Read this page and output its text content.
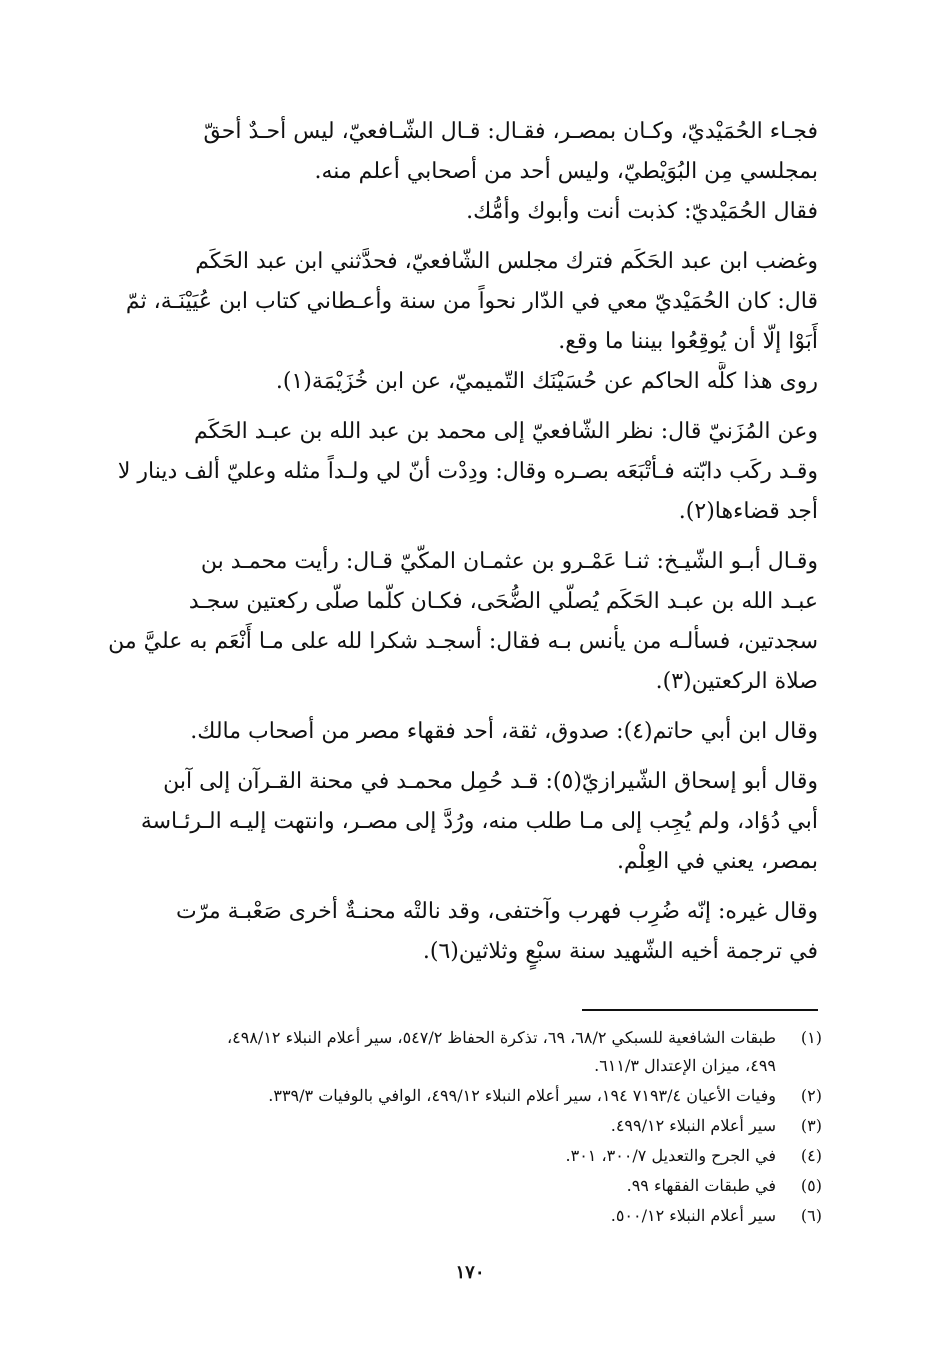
فجـاء الحُمَيْديّ، وكـان بمصـر، فقـال: قـال الشّـافعيّ، ليس أحـدٌ أحقّ
بمجلسي مِن البُوَيْطيّ، وليس أحد من أصحابي أعلم منه.
فقال الحُمَيْديّ: كذبت أنت وأبوك وأمُّك.

وغضب ابن عبد الحَكَم فترك مجلس الشّافعيّ، فحدَّثني ابن عبد الحَكَم
قال: كان الحُمَيْديّ معي في الدّار نحواً من سنة وأعـطاني كتاب ابن عُيَيْنَـة، ثمّ
أَبَوْا إلّا أن يُوقِعُوا بيننا ما وقع.
روى هذا كلَّه الحاكم عن حُسَيْنَك التّميميّ، عن ابن خُزَيْمَة(١).

وعن المُزَنيّ قال: نظر الشّافعيّ إلى محمد بن عبد الله بن عبـد الحَكَم
وقـد ركَب دابّته فـأتْبَعَه بصـره وقال: ودِدْت أنّ لي ولـداً مثله وعليّ ألف دينار لا
أجد قضاءها(٢).

وقـال أبـو الشّيـخ: ثنـا عَمْـرو بن عثمـان المكّيّ قـال: رأيت محمـد بن
عبـد الله بن عبـد الحَكَم يُصلّي الضُّحَى، فكـان كلّما صلّى ركعتين سجـد
سجدتين، فسألـه من يأنس بـه فقال: أسجـد شكرا لله على مـا أَنْعَم به عليَّ من
صلاة الركعتين(٣).

وقال ابن أبي حاتم(٤): صدوق، ثقة، أحد فقهاء مصر من أصحاب مالك.

وقال أبو إسحاق الشّيرازيّ(٥): قـد حُمِل محمـد في محنة القـرآن إلى آبن
أبي دُؤاد، ولم يُجِب إلى مـا طلب منه، ورُدَّ إلى مصـر، وانتهت إليـه الـرئـاسة
بمصر، يعني في العِلْم.

وقال غيره: إنّه ضُرِب فهرب وآختفى، وقد نالتْه محنـةٌ أخرى صَعْبـة مرّت
في ترجمة أخيه الشّهيد سنة سبْعٍ وثلاثين(٦).

(١)
طبقات الشافعية للسبكي ٦٨/٢، ٦٩، تذكرة الحفاظ ٥٤٧/٢، سير أعلام النبلاء ٤٩٨/١٢،
٤٩٩، ميزان الإعتدال ٦١١/٣.
(٢)
وفيات الأعيان ٧١٩٣/٤ ١٩٤، سير أعلام النبلاء ٤٩٩/١٢، الوافي بالوفيات ٣٣٩/٣.
(٣)
سير أعلام النبلاء ٤٩٩/١٢.
(٤)
في الجرح والتعديل ٣٠٠/٧، ٣٠١.
(٥)
في طبقات الفقهاء ٩٩.
(٦)
سير أعلام النبلاء ٥٠٠/١٢.
١٧٠
